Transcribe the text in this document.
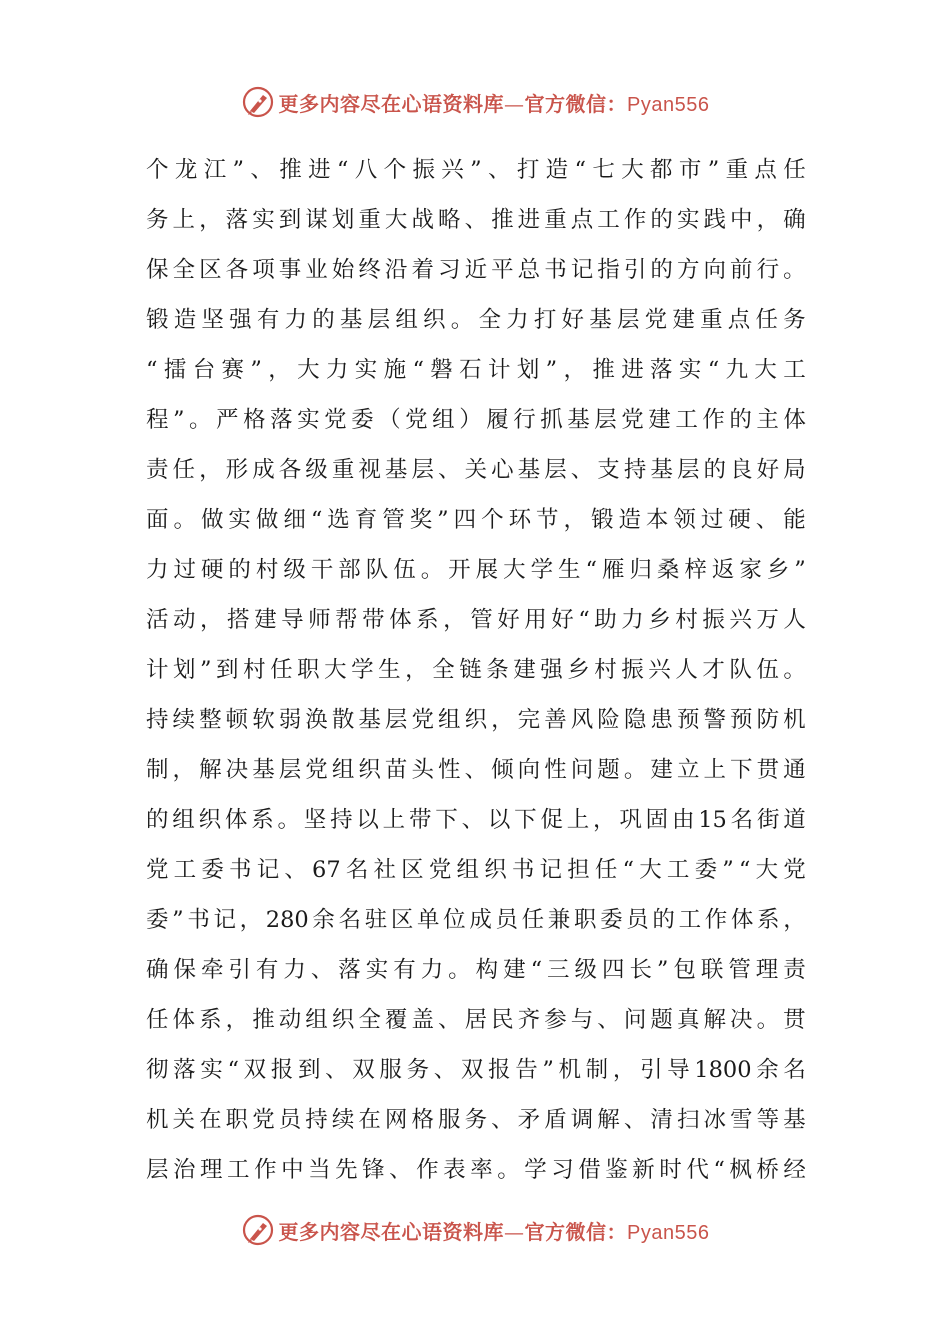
更多内容尽在心语资料库—官方微信：Pyan556
个 龙 江 ” 、 推 进 “ 八 个 振 兴 ” 、 打 造 “ 七 大 都 市 ” 重 点 任
务 上 ， 落 实 到 谋 划 重 大 战 略 、 推 进 重 点 工 作 的 实 践 中 ， 确
保 全 区 各 项 事 业 始 终 沿 着 习 近 平 总 书 记 指 引 的 方 向 前 行 。
锻 造 坚 强 有 力 的 基 层 组 织 。 全 力 打 好 基 层 党 建 重 点 任 务
“ 擂 台 赛 ” ， 大 力 实 施 “ 磐 石 计 划 ” ， 推 进 落 实 “ 九 大 工
程 ” 。 严 格 落 实 党 委 （ 党 组 ） 履 行 抓 基 层 党 建 工 作 的 主 体
责 任 ， 形 成 各 级 重 视 基 层 、 关 心 基 层 、 支 持 基 层 的 良 好 局
面 。 做 实 做 细 “ 选 育 管 奖 ” 四 个 环 节 ， 锻 造 本 领 过 硬 、 能
力 过 硬 的 村 级 干 部 队 伍 。 开 展 大 学 生 “ 雁 归 桑 梓 返 家 乡 ”
活 动 ， 搭 建 导 师 帮 带 体 系 ， 管 好 用 好 “ 助 力 乡 村 振 兴 万 人
计 划 ” 到 村 任 职 大 学 生 ， 全 链 条 建 强 乡 村 振 兴 人 才 队 伍 。
持 续 整 顿 软 弱 涣 散 基 层 党 组 织 ， 完 善 风 险 隐 患 预 警 预 防 机
制 ， 解 决 基 层 党 组 织 苗 头 性 、 倾 向 性 问 题 。 建 立 上 下 贯 通
的 组 织 体 系 。 坚 持 以 上 带 下 、 以 下 促 上 ， 巩 固 由 15 名 街 道
党 工 委 书 记 、 67 名 社 区 党 组 织 书 记 担 任 “ 大 工 委 ” “ 大 党
委 ” 书 记 ， 280 余 名 驻 区 单 位 成 员 任 兼 职 委 员 的 工 作 体 系 ，
确 保 牵 引 有 力 、 落 实 有 力 。 构 建 “ 三 级 四 长 ” 包 联 管 理 责
任 体 系 ， 推 动 组 织 全 覆 盖 、 居 民 齐 参 与 、 问 题 真 解 决 。 贯
彻 落 实 “ 双 报 到 、 双 服 务 、 双 报 告 ” 机 制 ， 引 导 1800 余 名
机 关 在 职 党 员 持 续 在 网 格 服 务 、 矛 盾 调 解 、 清 扫 冰 雪 等 基
层 治 理 工 作 中 当 先 锋 、 作 表 率 。 学 习 借 鉴 新 时 代 “ 枫 桥 经
更多内容尽在心语资料库—官方微信：Pyan556
